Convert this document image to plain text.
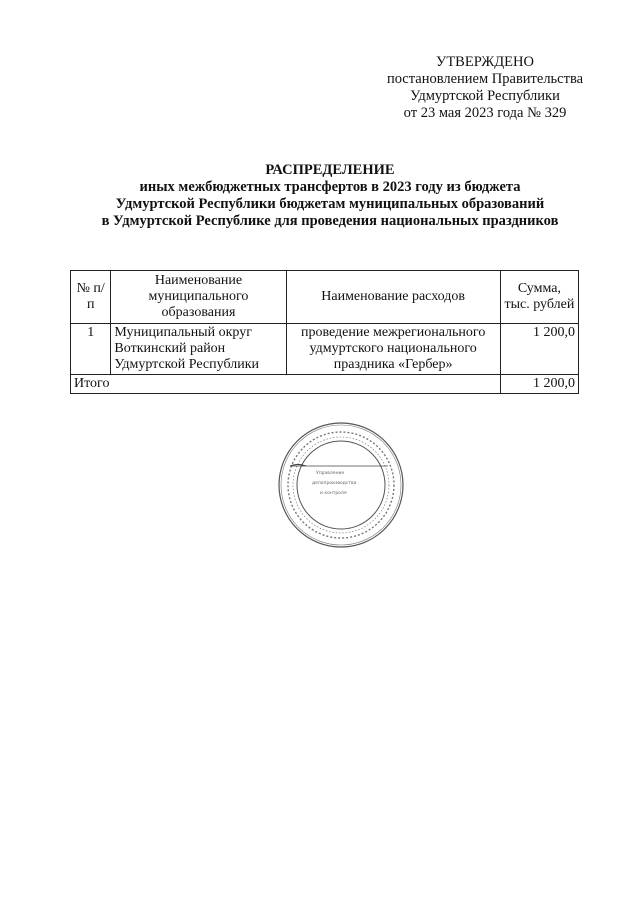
УТВЕРЖДЕНО
постановлением Правительства
Удмуртской Республики
от 23 мая 2023 года № 329
РАСПРЕДЕЛЕНИЕ
иных межбюджетных трансфертов в 2023 году из бюджета
Удмуртской Республики бюджетам муниципальных образований
в Удмуртской Республике для проведения национальных праздников
№ п/п	Наименование муниципального образования	Наименование расходов	Сумма, тыс. рублей
1	Муниципальный округ Воткинский район Удмуртской Республики	проведение межрегионального удмуртского национального праздника «Гербер»	1 200,0
Итого			1 200,0
Управление
делопроизводства
и контроля
